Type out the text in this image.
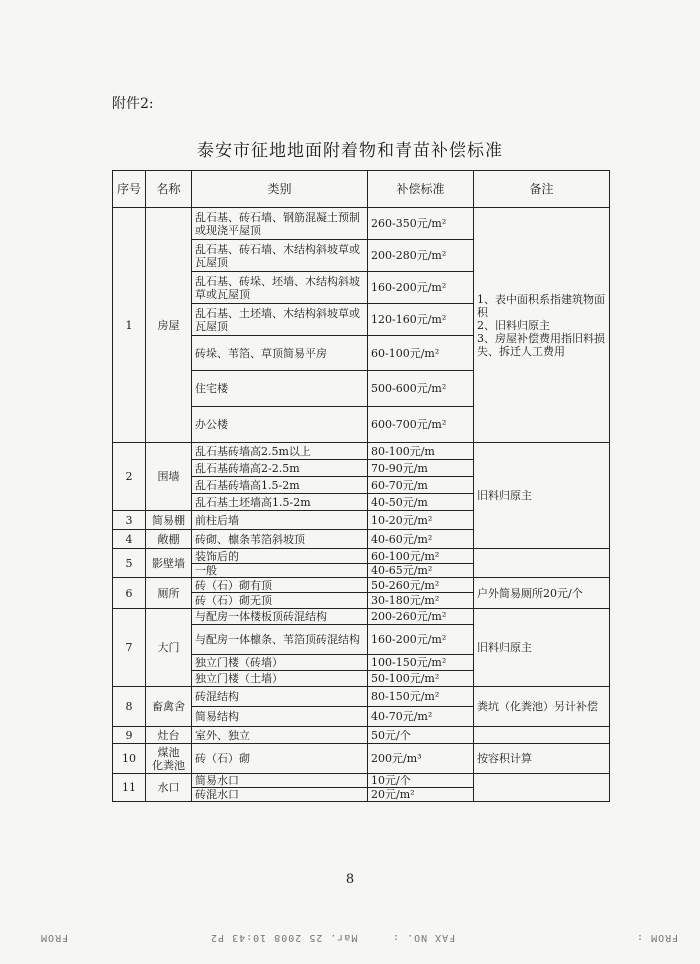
附件2:
泰安市征地地面附着物和青苗补偿标准
序号	名称	类别	补偿标准	备注
1	房屋	乱石基、砖石墙、钢筋混凝土预制或现浇平屋顶	260-350元/m²	1、表中面积系指建筑物面积
2、旧料归原主
3、房屋补偿费用指旧料损失、拆迁人工费用
		乱石基、砖石墙、木结构斜坡草或瓦屋顶	200-280元/m²	
		乱石基、砖垛、坯墙、木结构斜坡草或瓦屋顶	160-200元/m²	
		乱石基、土坯墙、木结构斜坡草或瓦屋顶	120-160元/m²	
		砖垛、苇箔、草顶简易平房	60-100元/m²	
		住宅楼	500-600元/m²	
		办公楼	600-700元/m²	
2	围墙	乱石基砖墙高2.5m以上	80-100元/m	旧料归原主
		乱石基砖墙高2-2.5m	70-90元/m	
		乱石基砖墙高1.5-2m	60-70元/m	
		乱石基土坯墙高1.5-2m	40-50元/m	
3	简易棚	前柱后墙	10-20元/m²	
4	敞棚	砖砌、檩条苇箔斜坡顶	40-60元/m²	
5	影壁墙	装饰后的	60-100元/m²	
		一般	40-65元/m²	
6	厕所	砖（石）砌有顶	50-260元/m²	户外简易厕所20元/个
		砖（石）砌无顶	30-180元/m²	
7	大门	与配房一体楼板顶砖混结构	200-260元/m²	旧料归原主
		与配房一体檩条、苇箔顶砖混结构	160-200元/m²	
		独立门楼（砖墙）	100-150元/m²	
		独立门楼（土墙）	50-100元/m²	
8	畜禽舍	砖混结构	80-150元/m²	粪坑（化粪池）另计补偿
		简易结构	40-70元/m²	
9	灶台	室外、独立	50元/个	
10	煤池
化粪池	砖（石）砌	200元/m³	按容积计算
11	水口	简易水口	10元/个	
		砖混水口	20元/m²	
8
FROM :
FAX NO. :
Mar. 25 2008 10:43 P2
FROM
